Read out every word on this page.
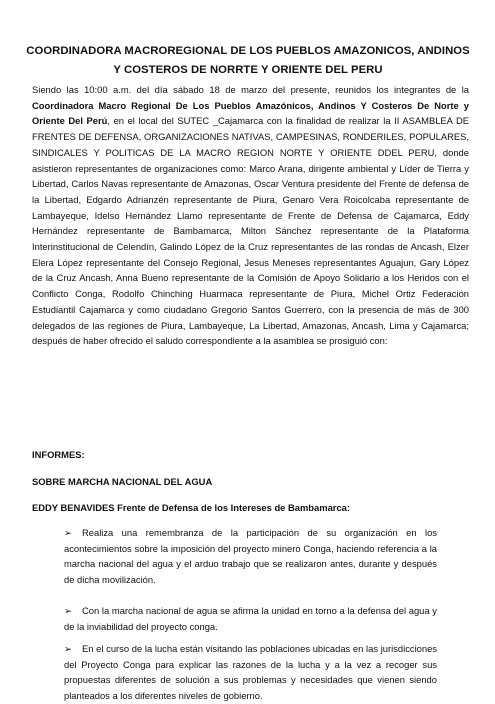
COORDINADORA MACROREGIONAL DE LOS PUEBLOS AMAZONICOS, ANDINOS
Y COSTEROS DE NORRTE Y ORIENTE DEL PERU

Siendo las 10:00 a.m. del día sábado 18 de marzo del presente, reunidos los integrantes de la Coordinadora Macro Regional De Los Pueblos Amazónicos, Andinos Y Costeros De Norte y Oriente Del Perú, en el local del SUTEC _Cajamarca con la finalidad de realizar la II ASAMBLEA DE FRENTES DE DEFENSA, ORGANIZACIONES NATIVAS, CAMPESINAS, RONDERILES, POPULARES, SINDICALES Y POLITICAS DE LA MACRO REGION NORTE Y ORIENTE DDEL PERU, donde asistieron representantes de organizaciones como: Marco Arana, dirigente ambiental y Líder de Tierra y Libertad, Carlos Navas representante de Amazonas, Oscar Ventura presidente del Frente de defensa de la Libertad, Edgardo Adrianzén representante de Piura, Genaro Vera Roicolcaba representante de Lambayeque, Idelso Hernández Llamo representante de Frente de Defensa de Cajamarca, Eddy Hernández representante de Bambamarca, Milton Sánchez representante de la Plataforma Interinstitucional de Celendín, Galindo López de la Cruz representantes de las rondas de Ancash, Elzer Elera López representante del Consejo Regional, Jesus Meneses representantes Aguajun, Gary López de la Cruz Ancash, Anna Bueno representante de la Comisión de Apoyo Solidario a los Heridos con el Conflicto Conga, Rodolfo Chinching Huarmaca representante de Piura, Michel Ortiz Federación Estudiantil Cajamarca y como ciudadano Gregorio Santos Guerrero, con la presencia de más de 300 delegados de las regiones de Piura, Lambayeque, La Libertad, Amazonas, Ancash, Lima y Cajamarca; después de haber ofrecido el saludo correspondiente a la asamblea se prosiguió con:

INFORMES:
SOBRE MARCHA NACIONAL DEL AGUA
EDDY BENAVIDES Frente de Defensa de los Intereses de Bambamarca:
➢	Realiza una remembranza de la participación de su organización en los acontecimientos sobre la imposición del proyecto minero Conga, haciendo referencia a la marcha nacional del agua y el arduo trabajo que se realizaron antes, durante y después de dicha movilización.

➢	Con la marcha nacional de agua se afirma la unidad en torno a la defensa del agua y de la inviabilidad del proyecto conga.

➢	En el curso de la lucha están visitando las poblaciones ubicadas en las jurisdicciones del Proyecto Conga para explicar las razones de la lucha y a la vez a recoger sus propuestas diferentes de solución a sus problemas y necesidades que vienen siendo planteados a los diferentes niveles de gobierno.
